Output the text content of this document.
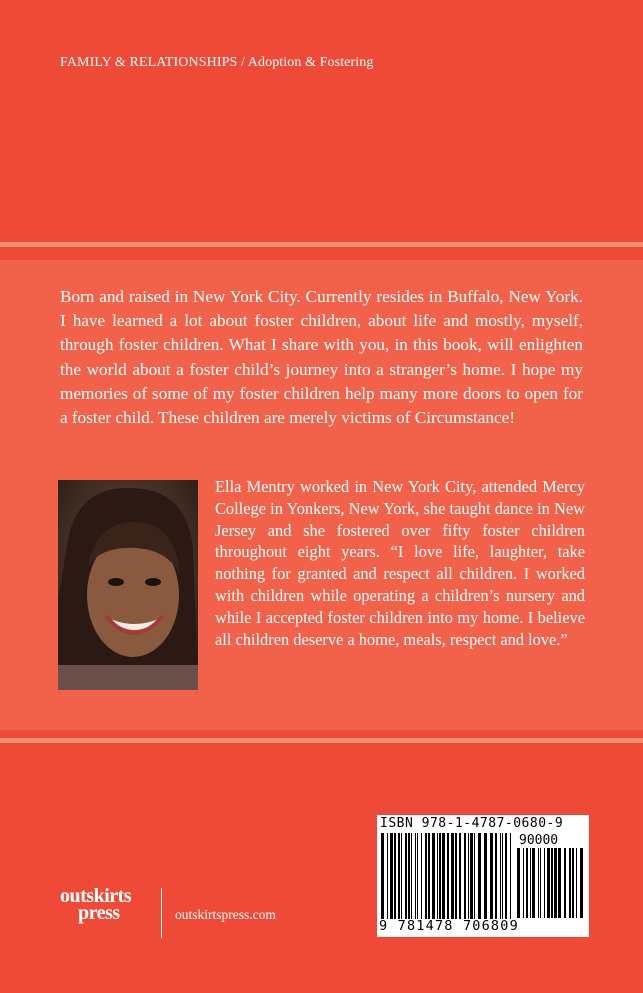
FAMILY & RELATIONSHIPS / Adoption & Fostering
Born and raised in New York City. Currently resides in Buffalo, New York. I have learned a lot about foster children, about life and mostly, myself, through foster children. What I share with you, in this book, will enlighten the world about a foster child’s journey into a stranger’s home. I hope my memories of some of my foster children help many more doors to open for a foster child. These children are merely victims of Circumstance!
Ella Mentry worked in New York City, attended Mercy College in Yonkers, New York, she taught dance in New Jersey and she fostered over fifty foster children throughout eight years. “I love life, laughter, take nothing for granted and respect all children. I worked with children while operating a children’s nursery and while I accepted foster children into my home. I believe all children deserve a home, meals, respect and love.”
ISBN 978-1-4787-0680-9
90000
9 781478 706809
outskirts
press	outskirtspress.com
